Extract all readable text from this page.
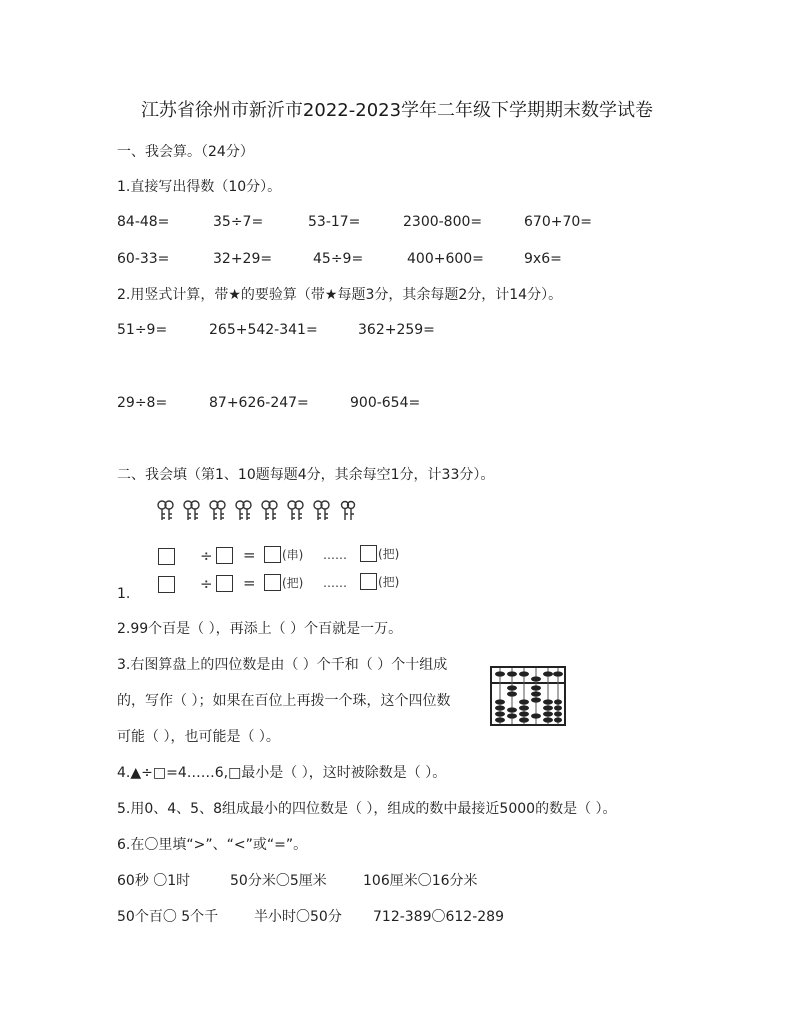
江苏省徐州市新沂市2022-2023学年二年级下学期期末数学试卷
一、我会算。（24分）
1.直接写出得数（10分）。
84-48=	35÷7=	53-17=	2300-800=	670+70=
60-33=	32+29=	45÷9=	400+600=	9x6=
2.用竖式计算，带★的要验算（带★每题3分，其余每题2分，计14分）。
51÷9=	265+542-341=	362+259=
29÷8=	87+626-247=	900-654=
二、我会填（第1、10题每题4分，其余每空1分，计33分）。
÷ = (串) ……	(把)
÷ = (把) ……	(把)
1.
2.99个百是（ ），再添上（ ）个百就是一万。
3.右图算盘上的四位数是由（ ）个千和（ ）个十组成
的，写作（ ）；如果在百位上再拨一个珠，这个四位数
可能（ ），也可能是（ ）。
4.▲÷□=4……6,□最小是（ ），这时被除数是（ ）。
5.用0、4、5、8组成最小的四位数是（ ），组成的数中最接近5000的数是（ ）。
6.在〇里填“>”、“<”或“=”。
60秒 〇1时	50分米〇5厘米	106厘米〇16分米
50个百〇 5个千	半小时〇50分 712-389〇612-289
